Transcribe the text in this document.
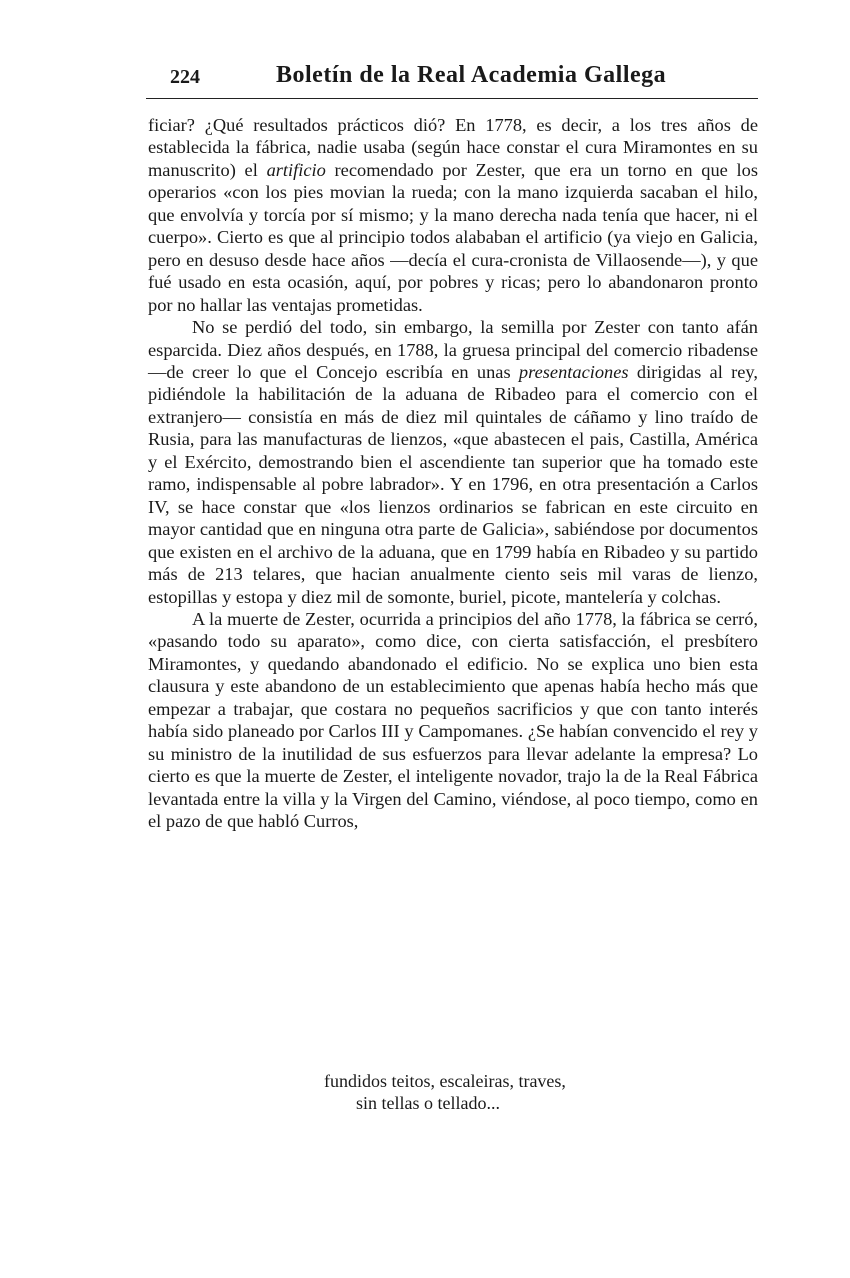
224	Boletín de la Real Academia Gallega

ficiar? ¿Qué resultados prácticos dió? En 1778, es decir, a los tres años de establecida la fábrica, nadie usaba (según hace constar el cura Miramontes en su manuscrito) el artificio recomendado por Zester, que era un torno en que los operarios «con los pies movian la rueda; con la mano izquierda sacaban el hilo, que envolvía y torcía por sí mismo; y la mano derecha nada tenía que hacer, ni el cuerpo». Cierto es que al principio todos alababan el artificio (ya viejo en Galicia, pero en desuso desde hace años —decía el cura-cronista de Villaosende—), y que fué usado en esta ocasión, aquí, por pobres y ricas; pero lo abandonaron pronto por no hallar las ventajas prometidas.

No se perdió del todo, sin embargo, la semilla por Zester con tanto afán esparcida. Diez años después, en 1788, la gruesa principal del comercio ribadense —de creer lo que el Concejo escribía en unas presentaciones dirigidas al rey, pidiéndole la habilitación de la aduana de Ribadeo para el comercio con el extranjero— consistía en más de diez mil quintales de cáñamo y lino traído de Rusia, para las manufacturas de lienzos, «que abastecen el pais, Castilla, América y el Exército, demostrando bien el ascendiente tan superior que ha tomado este ramo, indispensable al pobre labrador». Y en 1796, en otra presentación a Carlos IV, se hace constar que «los lienzos ordinarios se fabrican en este circuito en mayor cantidad que en ninguna otra parte de Galicia», sabiéndose por documentos que existen en el archivo de la aduana, que en 1799 había en Ribadeo y su partido más de 213 telares, que hacian anualmente ciento seis mil varas de lienzo, estopillas y estopa y diez mil de somonte, buriel, picote, mantelería y colchas.

A la muerte de Zester, ocurrida a principios del año 1778, la fábrica se cerró, «pasando todo su aparato», como dice, con cierta satisfacción, el presbítero Miramontes, y quedando abandonado el edificio. No se explica uno bien esta clausura y este abandono de un establecimiento que apenas había hecho más que empezar a trabajar, que costara no pequeños sacrificios y que con tanto interés había sido planeado por Carlos III y Campomanes. ¿Se habían convencido el rey y su ministro de la inutilidad de sus esfuerzos para llevar adelante la empresa? Lo cierto es que la muerte de Zester, el inteligente novador, trajo la de la Real Fábrica levantada entre la villa y la Virgen del Camino, viéndose, al poco tiempo, como en el pazo de que habló Curros,

fundidos teitos, escaleiras, traves,
sin tellas o tellado...
